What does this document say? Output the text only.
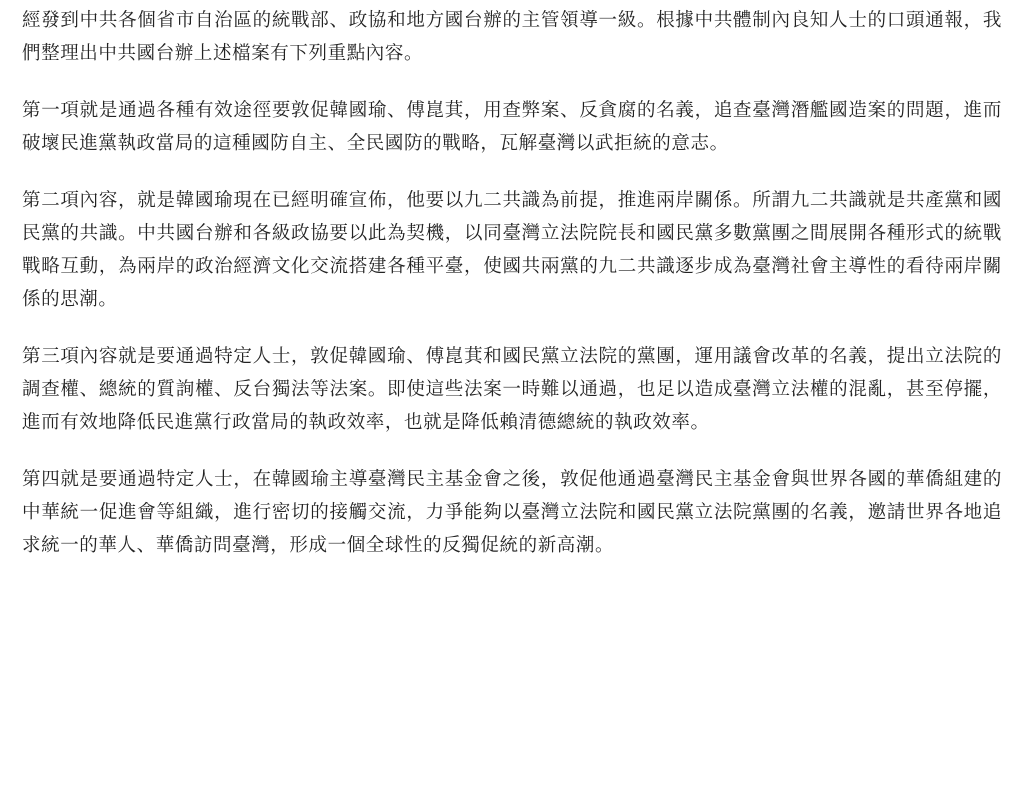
經發到中共各個省市自治區的統戰部、政協和地方國台辦的主管領導一級。根據中共體制內良知人士的口頭通報，我們整理出中共國台辦上述檔案有下列重點內容。

第一項就是通過各種有效途徑要敦促韓國瑜、傅崑萁，用查弊案、反貪腐的名義，追查臺灣潛艦國造案的問題，進而破壞民進黨執政當局的這種國防自主、全民國防的戰略，瓦解臺灣以武拒統的意志。

第二項內容，就是韓國瑜現在已經明確宣佈，他要以九二共識為前提，推進兩岸關係。所謂九二共識就是共產黨和國民黨的共識。中共國台辦和各級政協要以此為契機，以同臺灣立法院院長和國民黨多數黨團之間展開各種形式的統戰戰略互動，為兩岸的政治經濟文化交流搭建各種平臺，使國共兩黨的九二共識逐步成為臺灣社會主導性的看待兩岸關係的思潮。

第三項內容就是要通過特定人士，敦促韓國瑜、傅崑萁和國民黨立法院的黨團，運用議會改革的名義，提出立法院的調查權、總統的質詢權、反台獨法等法案。即使這些法案一時難以通過，也足以造成臺灣立法權的混亂，甚至停擺，進而有效地降低民進黨行政當局的執政效率，也就是降低賴清德總統的執政效率。

第四就是要通過特定人士，在韓國瑜主導臺灣民主基金會之後，敦促他通過臺灣民主基金會與世界各國的華僑組建的中華統一促進會等組織，進行密切的接觸交流，力爭能夠以臺灣立法院和國民黨立法院黨團的名義，邀請世界各地追求統一的華人、華僑訪問臺灣，形成一個全球性的反獨促統的新高潮。
